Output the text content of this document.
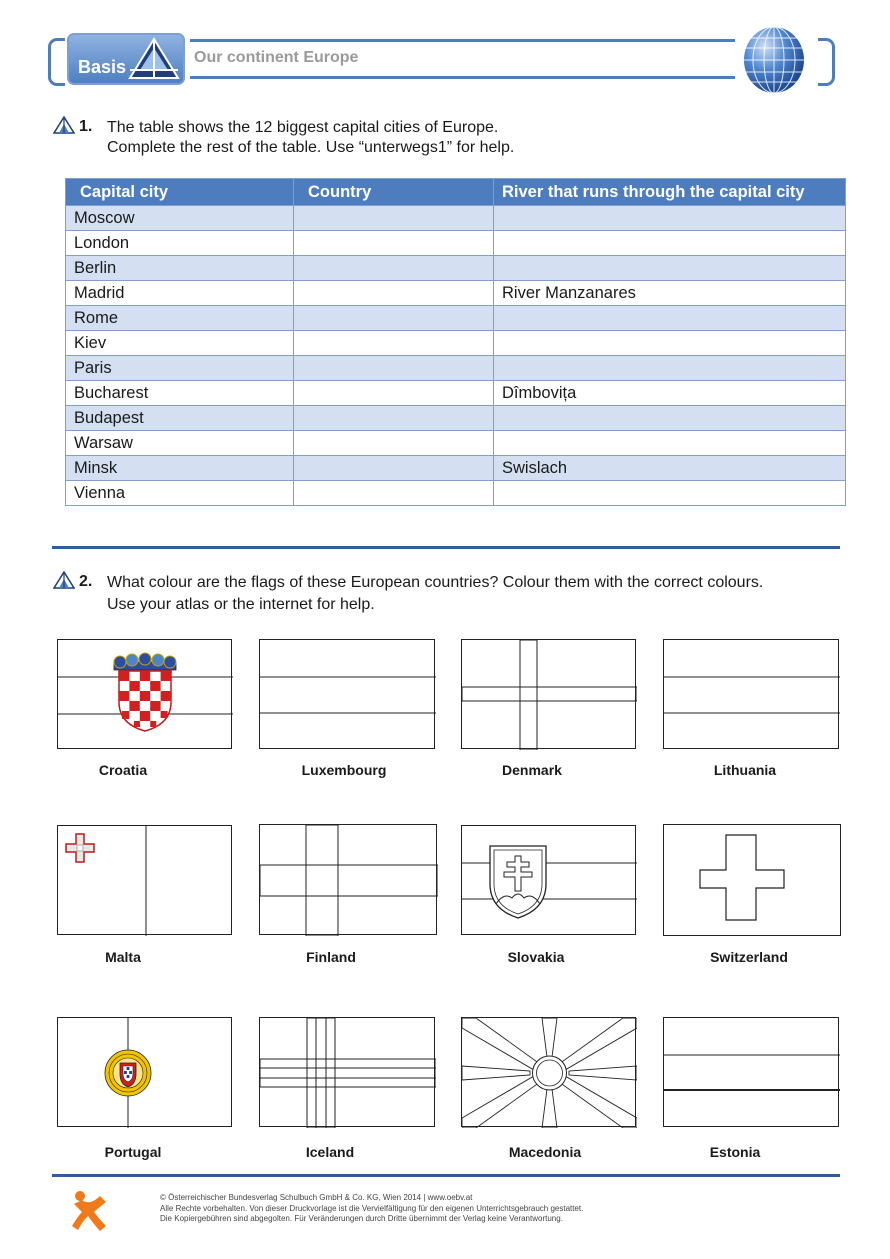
Basis	Our continent Europe
1. The table shows the 12 biggest capital cities of Europe.
Complete the rest of the table. Use “unterwegs1” for help.
Capital city	Country	River that runs through the capital city
Moscow		
London		
Berlin		
Madrid		River Manzanares
Rome		
Kiev		
Paris		
Bucharest		Dîmbovița
Budapest		
Warsaw		
Minsk		Swislach
Vienna		
2. What colour are the flags of these European countries? Colour them with the correct colours.
Use your atlas or the internet for help.
Croatia	Luxembourg	Denmark	Lithuania
Malta	Finland	Slovakia	Switzerland
Portugal	Iceland	Macedonia	Estonia
© Österreichischer Bundesverlag Schulbuch GmbH & Co. KG, Wien 2014 | www.oebv.at
Alle Rechte vorbehalten. Von dieser Druckvorlage ist die Vervielfältigung für den eigenen Unterrichtsgebrauch gestattet.
Die Kopiergebühren sind abgegolten. Für Veränderungen durch Dritte übernimmt der Verlag keine Verantwortung.
